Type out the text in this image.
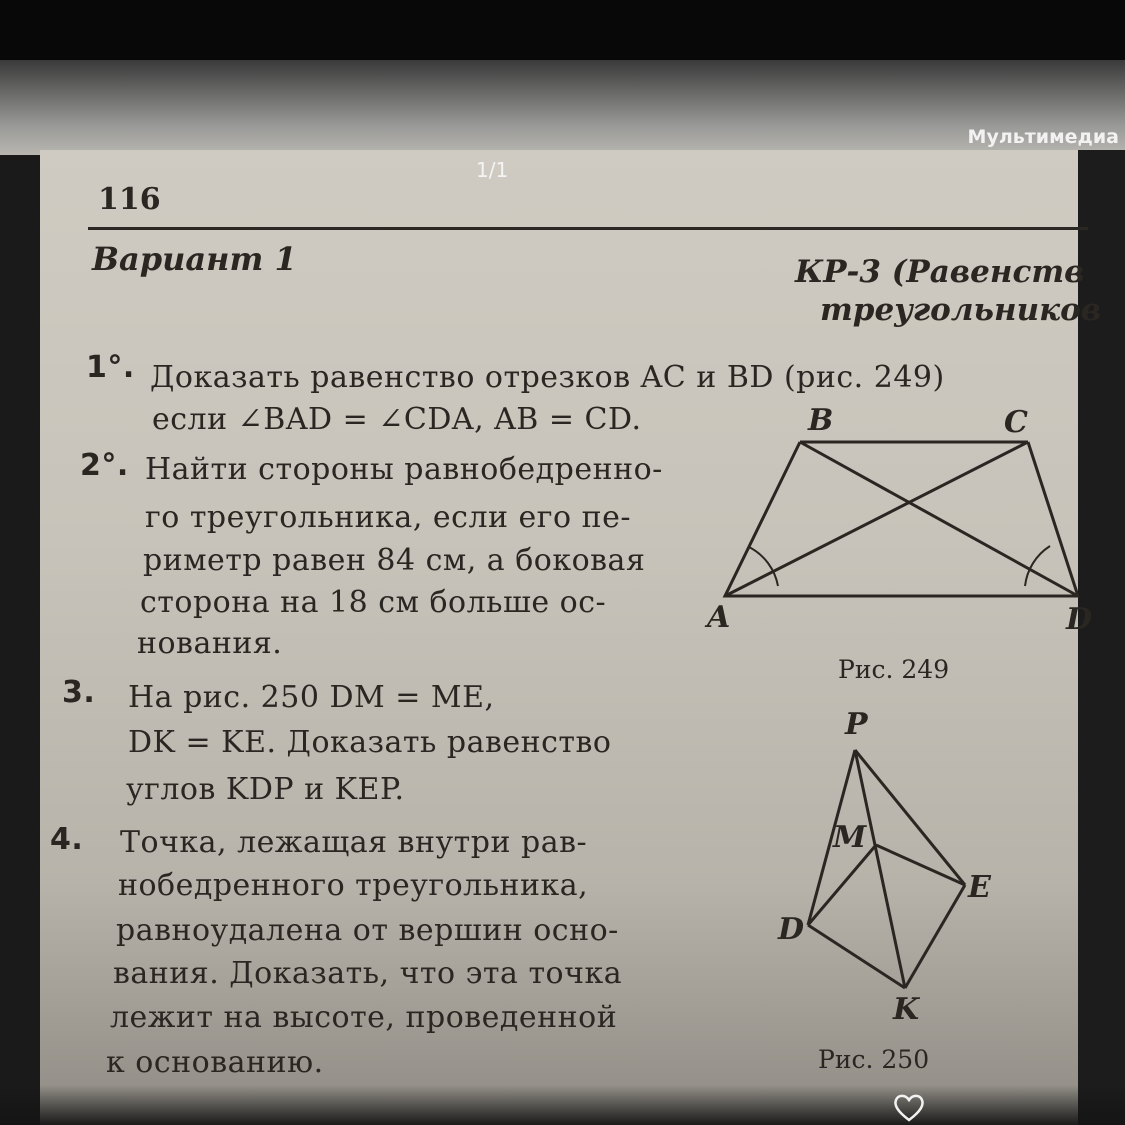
Мультимедиа
1/1
116
Вариант 1	КР-3 (Равенств
треугольников
1°. Доказать равенство отрезков AC и BD (рис. 249)
если ∠BAD = ∠CDA, AB = CD.
2°. Найти стороны равнобедренно-
го треугольника, если его пе-
риметр равен 84 см, а боковая
сторона на 18 см больше ос-
нования.
3. На рис. 250 DM = ME,
DK = KE. Доказать равенство
углов KDP и KEP.
4. Точка, лежащая внутри рав-
нобедренного треугольника,
равноудалена от вершин осно-
вания. Доказать, что эта точка
лежит на высоте, проведенной
к основанию.
B	C
A	D
Рис. 249
P
M
E
D
K
Рис. 250
